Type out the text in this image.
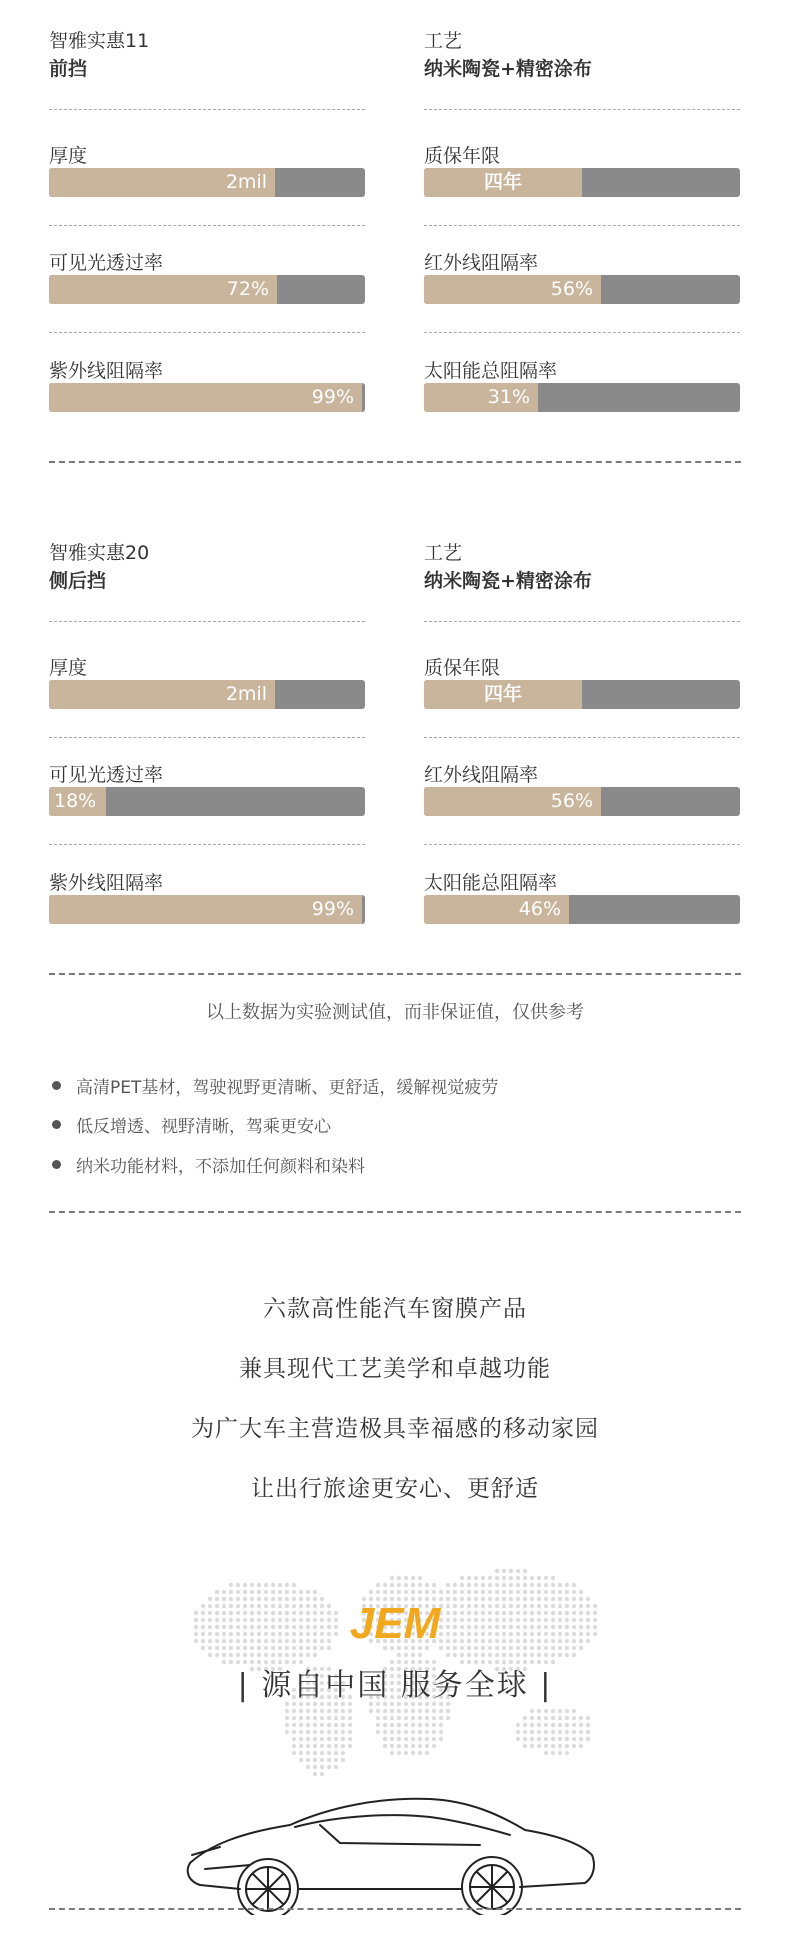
智雅实惠11
前挡
厚度
2mil
可见光透过率
72%
紫外线阻隔率
99%
工艺
纳米陶瓷+精密涂布
质保年限
四年
红外线阻隔率
56%
太阳能总阻隔率
31%
智雅实惠20
侧后挡
厚度
2mil
可见光透过率
18%
紫外线阻隔率
99%
工艺
纳米陶瓷+精密涂布
质保年限
四年
红外线阻隔率
56%
太阳能总阻隔率
46%
以上数据为实验测试值，而非保证值，仅供参考
高清PET基材，驾驶视野更清晰、更舒适，缓解视觉疲劳
低反增透、视野清晰，驾乘更安心
纳米功能材料，不添加任何颜料和染料
六款高性能汽车窗膜产品
兼具现代工艺美学和卓越功能
为广大车主营造极具幸福感的移动家园
让出行旅途更安心、更舒适
JEM
| 源自中国 服务全球 |
